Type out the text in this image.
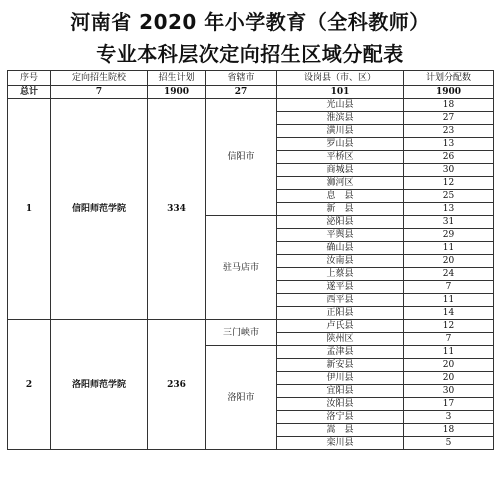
河南省 2020 年小学教育（全科教师）
专业本科层次定向招生区域分配表
序号	定向招生院校	招生计划	省辖市	设岗县（市、区）	计划分配数
总计	7	1900	27	101	1900
1	信阳师范学院	334	信阳市	光山县	18
				淮滨县	27
				潢川县	23
				罗山县	13
				平桥区	26
				商城县	30
				浉河区	12
				息　县	25
				新　县	13
			驻马店市	泌阳县	31
				平舆县	29
				确山县	11
				汝南县	20
				上蔡县	24
				遂平县	7
				西平县	11
				正阳县	14
2	洛阳师范学院	236	三门峡市	卢氏县	12
				陕州区	7
			洛阳市	孟津县	11
				新安县	20
				伊川县	20
				宜阳县	30
				汝阳县	17
				洛宁县	3
				嵩　县	18
				栾川县	5
